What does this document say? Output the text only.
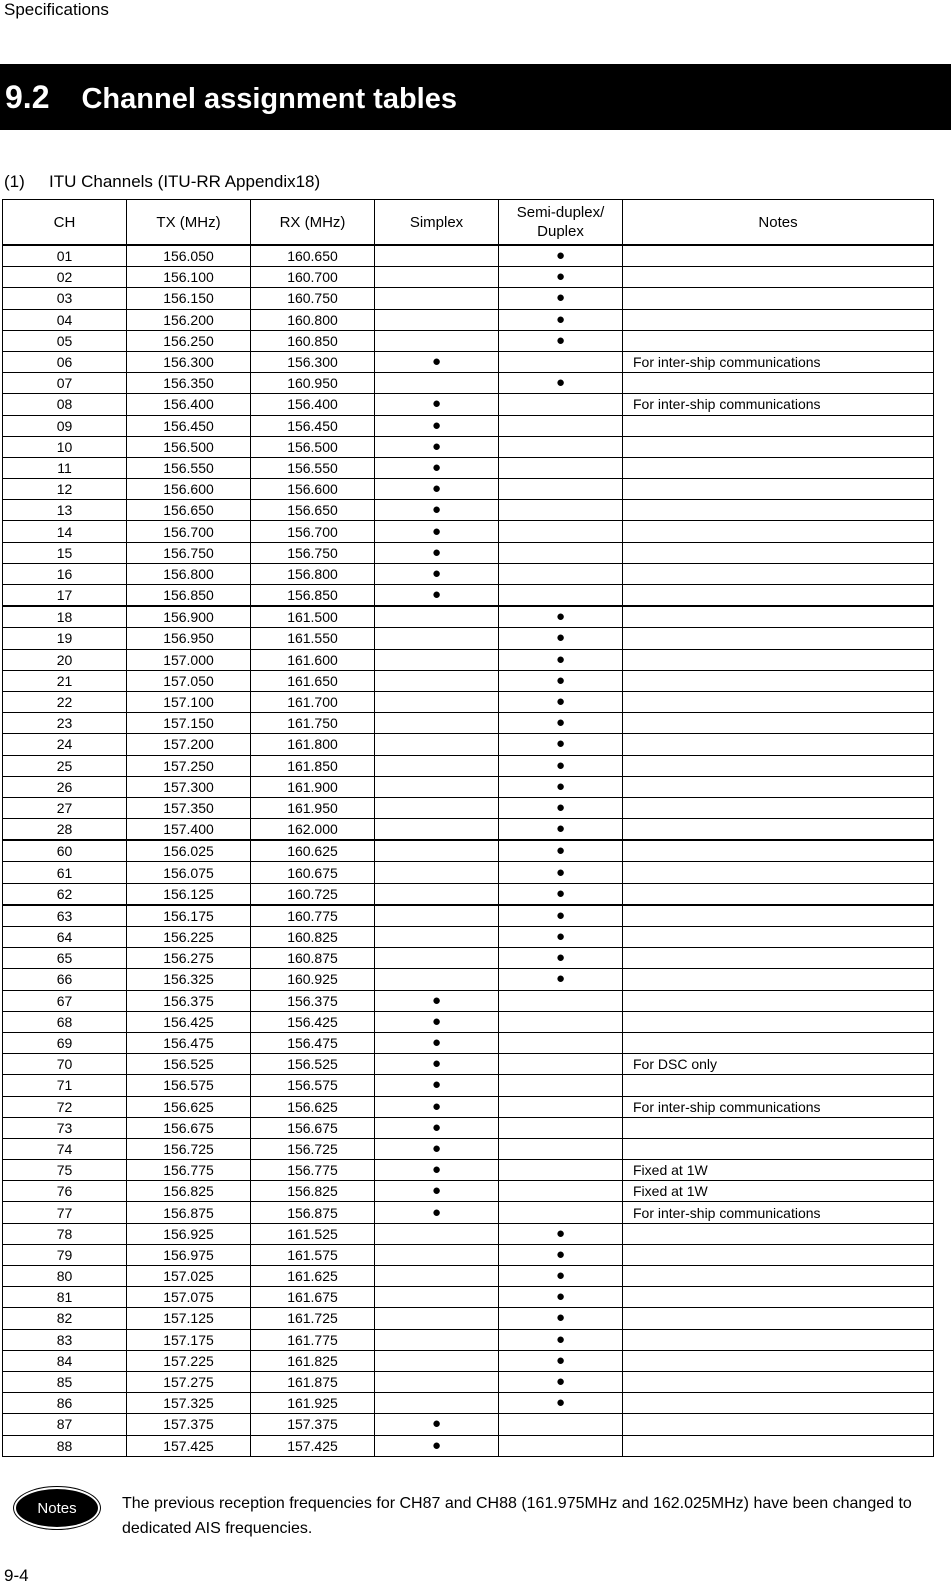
Specifications
9.2 Channel assignment tables
(1) ITU Channels (ITU-RR Appendix18)
CH	TX (MHz)	RX (MHz)	Simplex	Semi-duplex/
Duplex	Notes
01	156.050	160.650		●	
02	156.100	160.700		●	
03	156.150	160.750		●	
04	156.200	160.800		●	
05	156.250	160.850		●	
06	156.300	156.300	●		For inter-ship communications
07	156.350	160.950		●	
08	156.400	156.400	●		For inter-ship communications
09	156.450	156.450	●		
10	156.500	156.500	●		
11	156.550	156.550	●		
12	156.600	156.600	●		
13	156.650	156.650	●		
14	156.700	156.700	●		
15	156.750	156.750	●		
16	156.800	156.800	●		
17	156.850	156.850	●		
18	156.900	161.500		●	
19	156.950	161.550		●	
20	157.000	161.600		●	
21	157.050	161.650		●	
22	157.100	161.700		●	
23	157.150	161.750		●	
24	157.200	161.800		●	
25	157.250	161.850		●	
26	157.300	161.900		●	
27	157.350	161.950		●	
28	157.400	162.000		●	
60	156.025	160.625		●	
61	156.075	160.675		●	
62	156.125	160.725		●	
63	156.175	160.775		●	
64	156.225	160.825		●	
65	156.275	160.875		●	
66	156.325	160.925		●	
67	156.375	156.375	●		
68	156.425	156.425	●		
69	156.475	156.475	●		
70	156.525	156.525	●		For DSC only
71	156.575	156.575	●		
72	156.625	156.625	●		For inter-ship communications
73	156.675	156.675	●		
74	156.725	156.725	●		
75	156.775	156.775	●		Fixed at 1W
76	156.825	156.825	●		Fixed at 1W
77	156.875	156.875	●		For inter-ship communications
78	156.925	161.525		●	
79	156.975	161.575		●	
80	157.025	161.625		●	
81	157.075	161.675		●	
82	157.125	161.725		●	
83	157.175	161.775		●	
84	157.225	161.825		●	
85	157.275	161.875		●	
86	157.325	161.925		●	
87	157.375	157.375	●		
88	157.425	157.425	●		
Notes	The previous reception frequencies for CH87 and CH88 (161.975MHz and 162.025MHz) have been changed to dedicated AIS frequencies.
9-4
